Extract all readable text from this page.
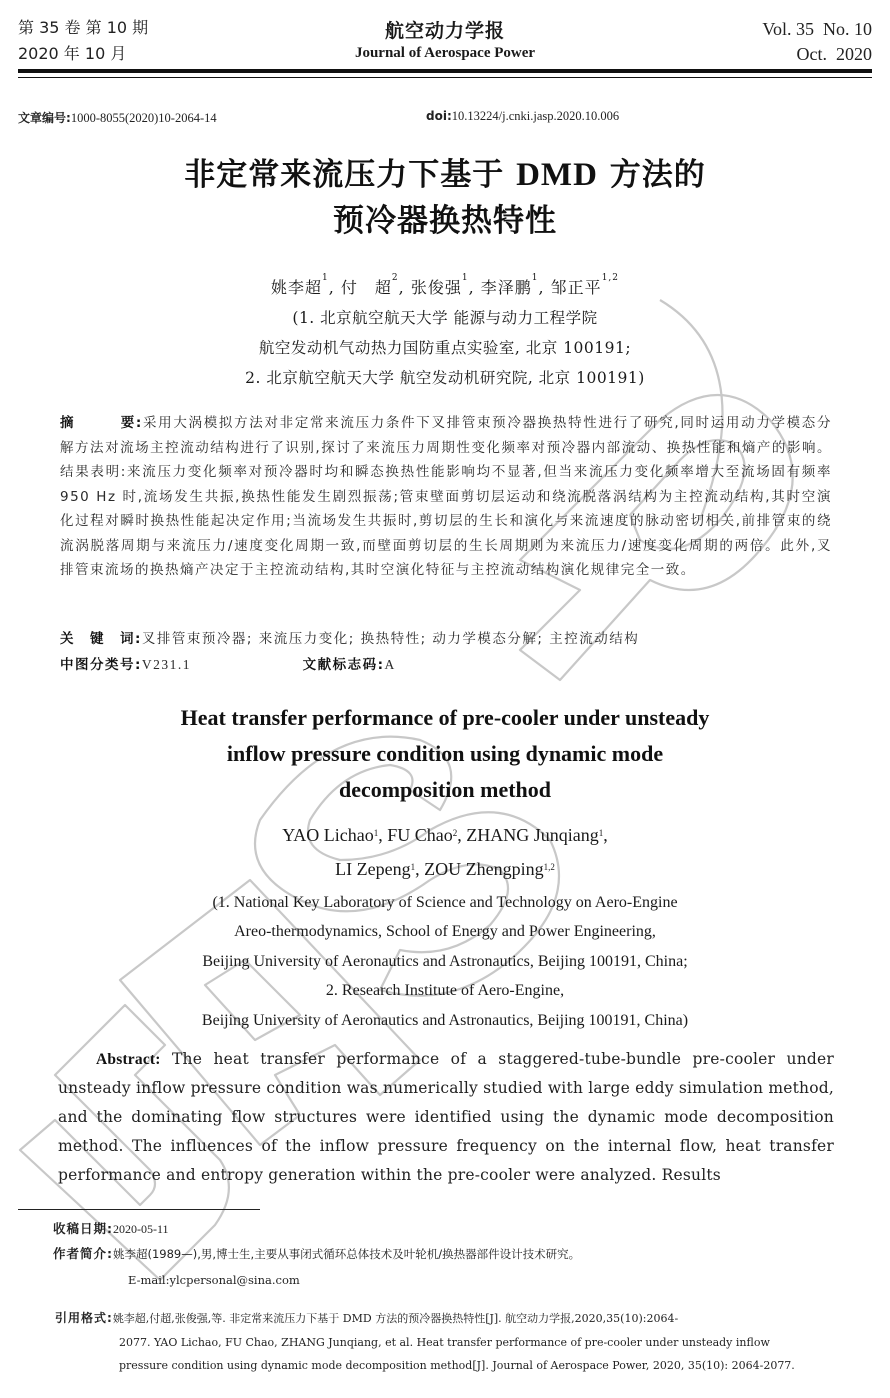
第 35 卷 第 10 期
2020 年 10 月
航空动力学报
Journal of Aerospace Power
Vol. 35  No. 10
Oct.  2020
文章编号:1000-8055(2020)10-2064-14	doi:10.13224/j.cnki.jasp.2020.10.006
非定常来流压力下基于 DMD 方法的
预冷器换热特性
姚李超$^1$, 付　超$^2$, 张俊强$^1$, 李泽鹏$^1$, 邹正平$^{1,2}$
(1. 北京航空航天大学 能源与动力工程学院
航空发动机气动热力国防重点实验室, 北京 100191;
2. 北京航空航天大学 航空发动机研究院, 北京 100191)
摘　　　要:采用大涡模拟方法对非定常来流压力条件下叉排管束预冷器换热特性进行了研究,同时运用动力学模态分解方法对流场主控流动结构进行了识别,探讨了来流压力周期性变化频率对预冷器内部流动、换热性能和熵产的影响。结果表明:来流压力变化频率对预冷器时均和瞬态换热性能影响均不显著,但当来流压力变化频率增大至流场固有频率 950 Hz 时,流场发生共振,换热性能发生剧烈振荡;管束壁面剪切层运动和绕流脱落涡结构为主控流动结构,其时空演化过程对瞬时换热性能起决定作用;当流场发生共振时,剪切层的生长和演化与来流速度的脉动密切相关,前排管束的绕流涡脱落周期与来流压力/速度变化周期一致,而壁面剪切层的生长周期则为来流压力/速度变化周期的两倍。此外,叉排管束流场的换热熵产决定于主控流动结构,其时空演化特征与主控流动结构演化规律完全一致。
关　键　词:叉排管束预冷器; 来流压力变化; 换热特性; 动力学模态分解; 主控流动结构
中图分类号:V231.1	文献标志码:A
Heat transfer performance of pre-cooler under unsteady
inflow pressure condition using dynamic mode
decomposition method
YAO Lichao$^1$, FU Chao$^2$, ZHANG Junqiang$^1$,
LI Zepeng$^1$, ZOU Zhengping$^{1,2}$
(1. National Key Laboratory of Science and Technology on Aero-Engine
Areo-thermodynamics, School of Energy and Power Engineering,
Beijing University of Aeronautics and Astronautics, Beijing 100191, China;
2. Research Institute of Aero-Engine,
Beijing University of Aeronautics and Astronautics, Beijing 100191, China)
Abstract: The heat transfer performance of a staggered-tube-bundle pre-cooler under unsteady inflow pressure condition was numerically studied with large eddy simulation method, and the dominating flow structures were identified using the dynamic mode decomposition method. The influences of the inflow pressure frequency on the internal flow, heat transfer performance and entropy generation within the pre-cooler were analyzed. Results
收稿日期:2020-05-11
作者简介:姚李超(1989—),男,博士生,主要从事闭式循环总体技术及叶轮机/换热器部件设计技术研究。
E-mail:ylcpersonal@sina.com
引用格式:姚李超,付超,张俊强,等. 非定常来流压力下基于 DMD 方法的预冷器换热特性[J]. 航空动力学报,2020,35(10):2064-
2077. YAO Lichao, FU Chao, ZHANG Junqiang, et al. Heat transfer performance of pre-cooler under unsteady inflow
pressure condition using dynamic mode decomposition method[J]. Journal of Aerospace Power, 2020, 35(10): 2064-2077.
